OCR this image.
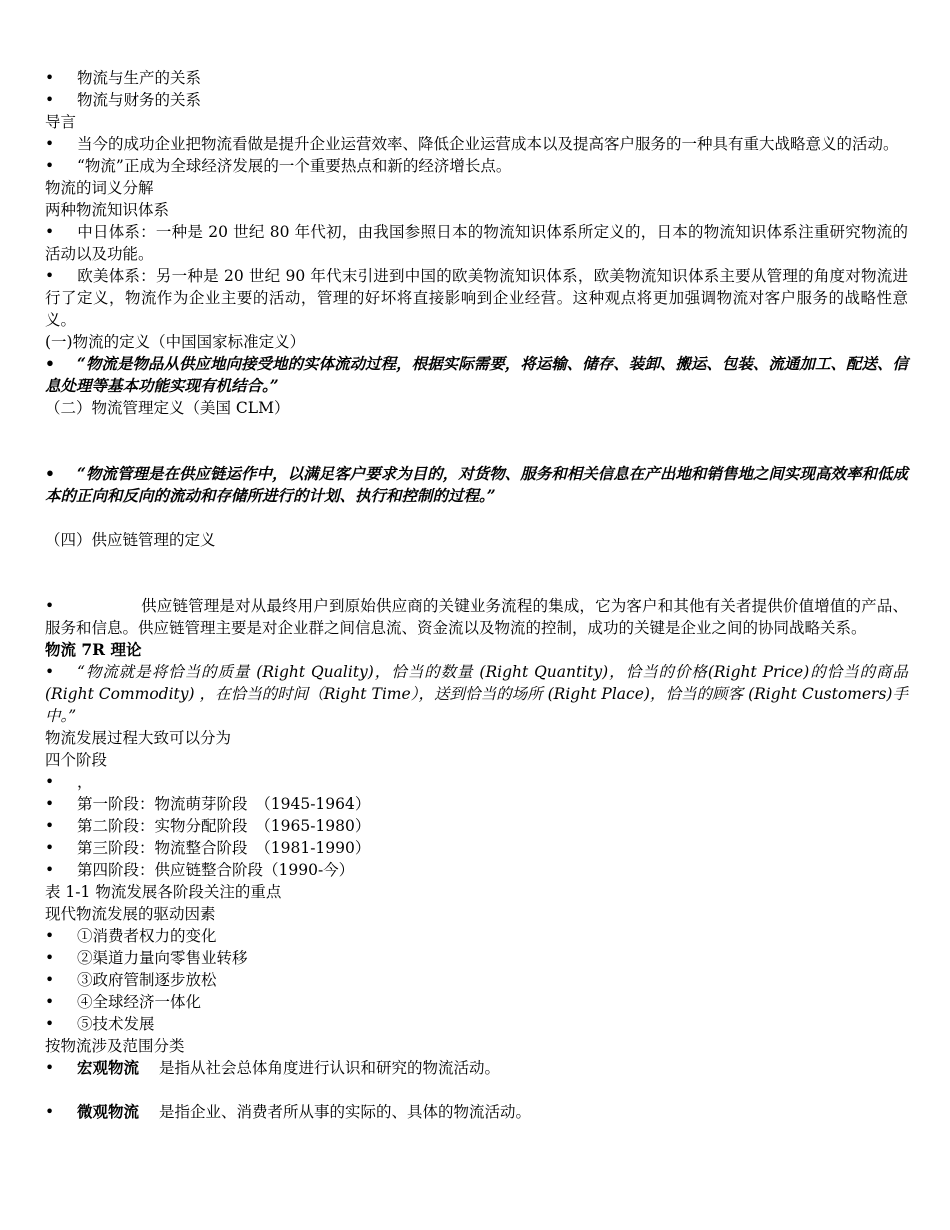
•	物流与生产的关系
•	物流与财务的关系
导言
• 当今的成功企业把物流看做是提升企业运营效率、降低企业运营成本以及提高客户服务的一种具有重大战略意义的活动。
•	“物流”正成为全球经济发展的一个重要热点和新的经济增长点。
物流的词义分解
两种物流知识体系
• 中日体系：一种是 20 世纪 80 年代初，由我国参照日本的物流知识体系所定义的，日本的物流知识体系注重研究物流的活动以及功能。
• 欧美体系：另一种是 20 世纪 90 年代末引进到中国的欧美物流知识体系，欧美物流知识体系主要从管理的角度对物流进行了定义，物流作为企业主要的活动，管理的好坏将直接影响到企业经营。这种观点将更加强调物流对客户服务的战略性意义。
(一)物流的定义（中国国家标准定义）
• “物流是物品从供应地向接受地的实体流动过程，根据实际需要，将运输、储存、装卸、搬运、包装、流通加工、配送、信息处理等基本功能实现有机结合。”
（二）物流管理定义（美国 CLM）
• “物流管理是在供应链运作中，以满足客户要求为目的，对货物、服务和相关信息在产出地和销售地之间实现高效率和低成本的正向和反向的流动和存储所进行的计划、执行和控制的过程。”
（四）供应链管理的定义
•	供应链管理是对从最终用户到原始供应商的关键业务流程的集成，它为客户和其他有关者提供价值增值的产品、服务和信息。供应链管理主要是对企业群之间信息流、资金流以及物流的控制，成功的关键是企业之间的协同战略关系。
物流 7R 理论
• “物流就是将恰当的质量 (Right Quality)，恰当的数量 (Right Quantity)，恰当的价格(Right Price)的恰当的商品 (Right Commodity) ，在恰当的时间（Right Time），送到恰当的场所 (Right Place)，恰当的顾客 (Right Customers)手中。”
物流发展过程大致可以分为
四个阶段
•	，
•	第一阶段：物流萌芽阶段　（1945-1964）
•	第二阶段：实物分配阶段　（1965-1980）
•	第三阶段：物流整合阶段　（1981-1990）
•	第四阶段：供应链整合阶段（1990-今）
表 1-1 物流发展各阶段关注的重点
现代物流发展的驱动因素
•	①消费者权力的变化
•	②渠道力量向零售业转移
•	③政府管制逐步放松
•	④全球经济一体化
•	⑤技术发展
按物流涉及范围分类
•	宏观物流 是指从社会总体角度进行认识和研究的物流活动。
•	微观物流 是指企业、消费者所从事的实际的、具体的物流活动。
